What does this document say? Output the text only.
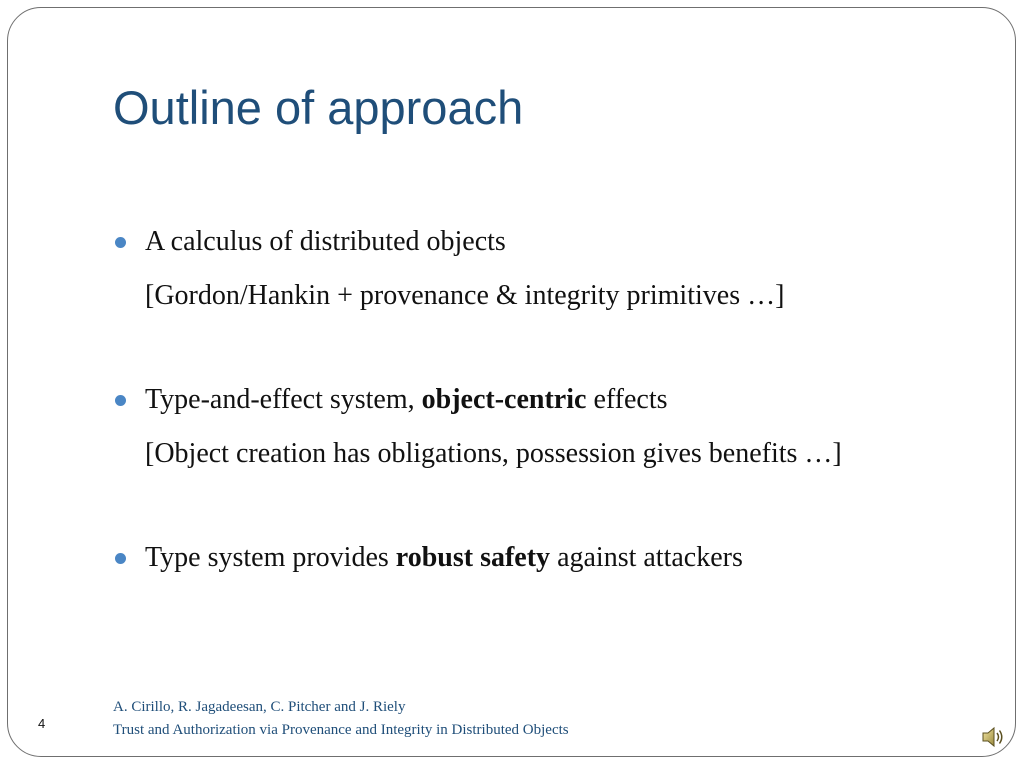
Outline of approach
A calculus of distributed objects
[Gordon/Hankin + provenance & integrity primitives …]
Type-and-effect system, object-centric effects
[Object creation has obligations, possession gives benefits …]
Type system provides robust safety against attackers
A. Cirillo, R. Jagadeesan, C. Pitcher and J. Riely
Trust and Authorization via Provenance and Integrity in Distributed Objects
4
